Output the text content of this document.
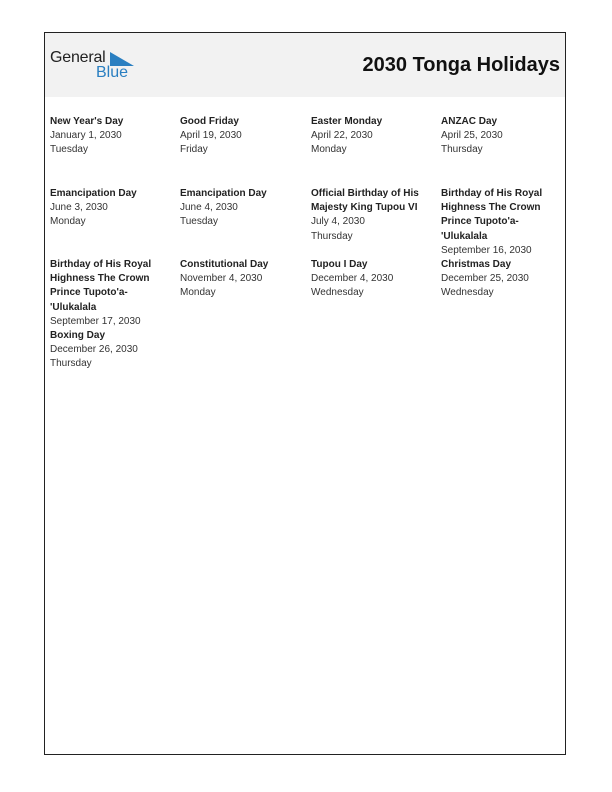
General
Blue	2030 Tonga Holidays
New Year's Day
January 1, 2030
Tuesday
Good Friday
April 19, 2030
Friday
Easter Monday
April 22, 2030
Monday
ANZAC Day
April 25, 2030
Thursday
Emancipation Day
June 3, 2030
Monday
Emancipation Day
June 4, 2030
Tuesday
Official Birthday of His
Majesty King Tupou VI
July 4, 2030
Thursday
Birthday of His Royal
Highness The Crown
Prince Tupoto'a-
'Ulukalala
September 16, 2030
Birthday of His Royal
Highness The Crown
Prince Tupoto'a-
'Ulukalala
September 17, 2030
Constitutional Day
November 4, 2030
Monday
Tupou I Day
December 4, 2030
Wednesday
Christmas Day
December 25, 2030
Wednesday
Boxing Day
December 26, 2030
Thursday
